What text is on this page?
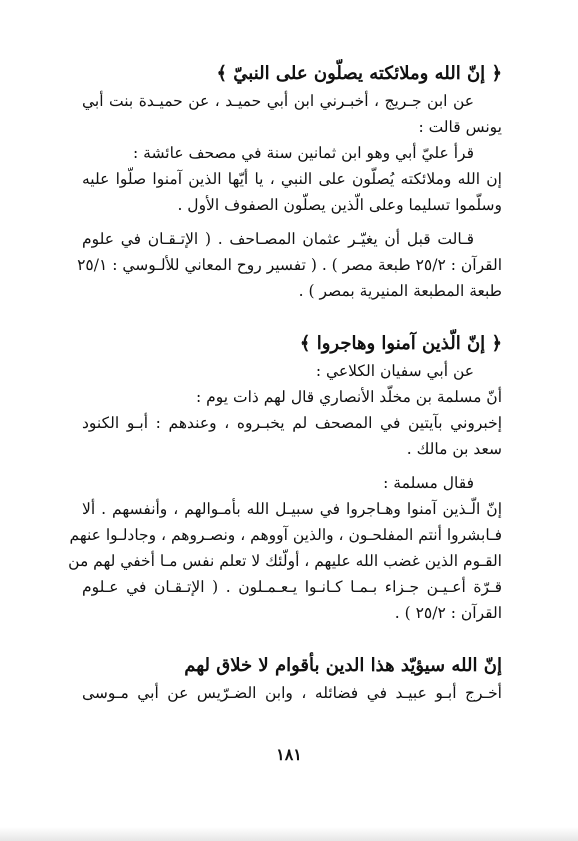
﴿ إنّ الله وملائكته يصلّون على النبيّ ﴾

عن ابن جـريج ، أخبـرني ابن أبي حميـد ، عن حميـدة بنت أبي

يونس قالت :

قرأ عليّ أبي وهو ابن ثمانين سنة في مصحف عائشة :

إن الله وملائكته يُصلّون على النبي ، يا أيّها الذين آمنوا صلّوا عليه

وسلّموا تسليما وعلى الّذين يصلّون الصفوف الأول .

قـالت قبل أن يغيّـر عثمان المصـاحف . ( الإتـقـان في علوم

القرآن : ٢٥/٢ طبعة مصر ) . ( تفسير روح المعاني للألـوسي : ٢٥/١

طبعة المطبعة المنيرية بمصر ) .

﴿ إنّ الّذين آمنوا وهاجروا ﴾

عن أبي سفيان الكلاعي :

أنّ مسلمة بن مخلّد الأنصاري قال لهم ذات يوم :

إخبروني بآيتين في المصحف لم يخبـروه ، وعندهم : أبـو الكنود

سعد بن مالك .

فقال مسلمة :

إنّ الّـذين آمنوا وهـاجروا في سبيـل الله بأمـوالهم ، وأنفسهم . ألا

فـابشروا أنتم المفلحـون ، والذين آووهم ، ونصـروهم ، وجادلـوا عنهم

القـوم الذين غضب الله عليهم ، أولّئك لا تعلم نفس مـا أخفي لهم من

قـرّة أعـيـن جـزاء بـمـا كـانـوا يـعـمـلون . ( الإتـقـان في عـلوم

القرآن : ٢٥/٢ ) .

إنّ الله سيؤيّد هذا الدين بأقوام لا خلاق لهم

أخـرج أبـو عبيـد في فضائله ، وابن الضـرّيس عن أبي مـوسى

١٨١
